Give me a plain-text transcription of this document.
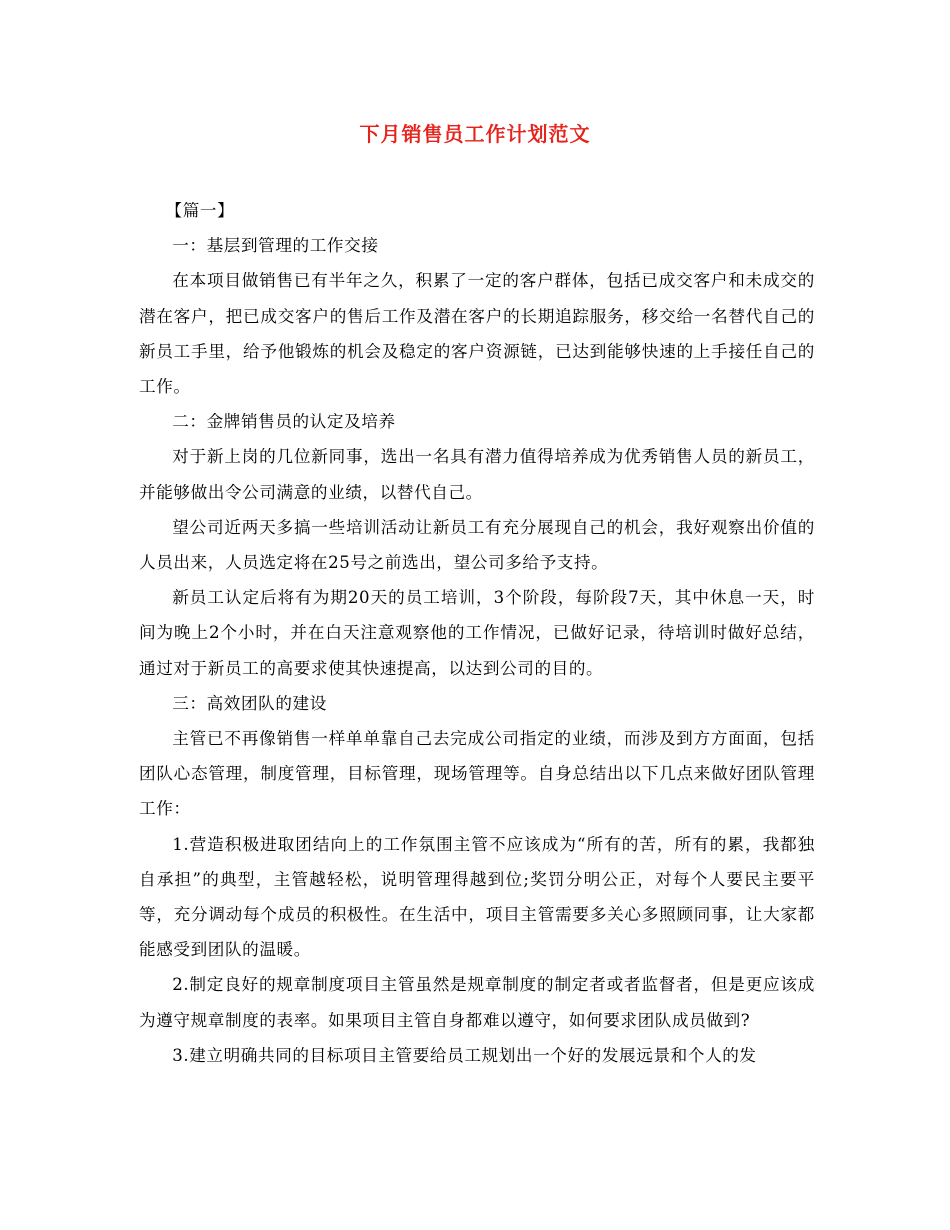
下月销售员工作计划范文

【篇一】

一：基层到管理的工作交接

在本项目做销售已有半年之久，积累了一定的客户群体，包括已成交客户和未成交的潜在客户，把已成交客户的售后工作及潜在客户的长期追踪服务，移交给一名替代自己的新员工手里，给予他锻炼的机会及稳定的客户资源链，已达到能够快速的上手接任自己的工作。

二：金牌销售员的认定及培养

对于新上岗的几位新同事，选出一名具有潜力值得培养成为优秀销售人员的新员工，并能够做出令公司满意的业绩，以替代自己。

望公司近两天多搞一些培训活动让新员工有充分展现自己的机会，我好观察出价值的人员出来，人员选定将在25号之前选出，望公司多给予支持。

新员工认定后将有为期20天的员工培训，3个阶段，每阶段7天，其中休息一天，时间为晚上2个小时，并在白天注意观察他的工作情况，已做好记录，待培训时做好总结，通过对于新员工的高要求使其快速提高，以达到公司的目的。

三：高效团队的建设

主管已不再像销售一样单单靠自己去完成公司指定的业绩，而涉及到方方面面，包括团队心态管理，制度管理，目标管理，现场管理等。自身总结出以下几点来做好团队管理工作：

1.营造积极进取团结向上的工作氛围主管不应该成为“所有的苦，所有的累，我都独自承担”的典型，主管越轻松，说明管理得越到位;奖罚分明公正，对每个人要民主要平等，充分调动每个成员的积极性。在生活中，项目主管需要多关心多照顾同事，让大家都能感受到团队的温暖。

2.制定良好的规章制度项目主管虽然是规章制度的制定者或者监督者，但是更应该成为遵守规章制度的表率。如果项目主管自身都难以遵守，如何要求团队成员做到?

3.建立明确共同的目标项目主管要给员工规划出一个好的发展远景和个人的发
